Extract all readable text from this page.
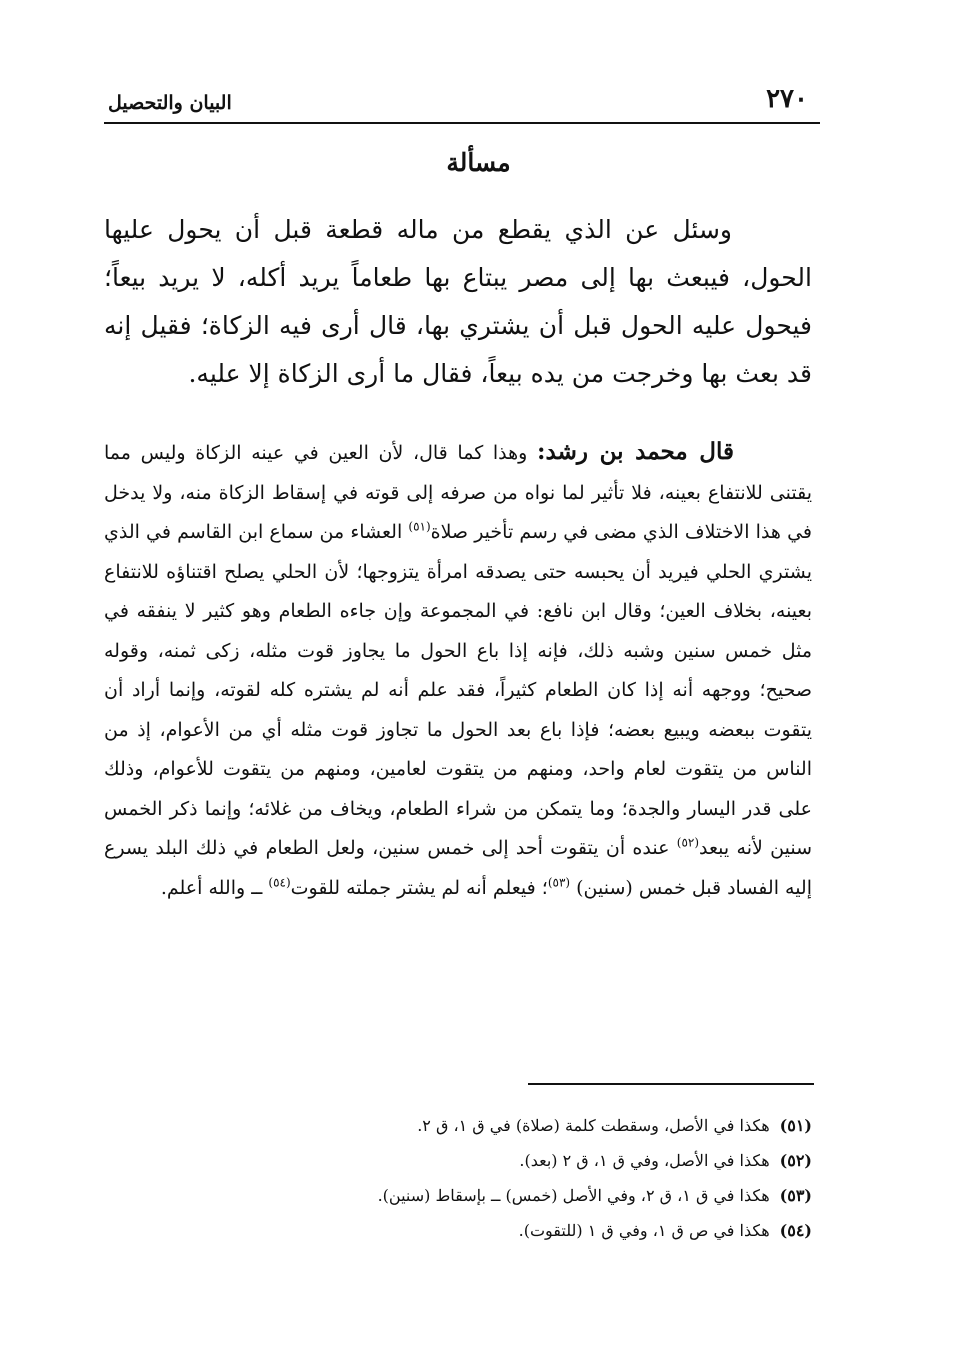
٢٧٠
البيان والتحصيل
مسألة

وسئل عن الذي يقطع من ماله قطعة قبل أن يحول عليها الحول، فيبعث بها إلى مصر يبتاع بها طعاماً يريد أكله، لا يريد بيعاً؛ فيحول عليه الحول قبل أن يشتري بها، قال أرى فيه الزكاة؛ فقيل إنه قد بعث بها وخرجت من يده بيعاً، فقال ما أرى الزكاة إلا عليه.

قال محمد بن رشد: وهذا كما قال، لأن العين في عينه الزكاة وليس مما يقتنى للانتفاع بعينه، فلا تأثير لما نواه من صرفه إلى قوته في إسقاط الزكاة منه، ولا يدخل في هذا الاختلاف الذي مضى في رسم تأخير صلاة$^{(٥١)}$ العشاء من سماع ابن القاسم في الذي يشتري الحلي فيريد أن يحبسه حتى يصدقه امرأة يتزوجها؛ لأن الحلي يصلح اقتناؤه للانتفاع بعينه، بخلاف العين؛ وقال ابن نافع: في المجموعة وإن جاءه الطعام وهو كثير لا ينفقه في مثل خمس سنين وشبه ذلك، فإنه إذا باع الحول ما يجاوز قوت مثله، زكى ثمنه، وقوله صحيح؛ ووجهه أنه إذا كان الطعام كثيراً، فقد علم أنه لم يشتره كله لقوته، وإنما أراد أن يتقوت ببعضه ويبيع بعضه؛ فإذا باع بعد الحول ما تجاوز قوت مثله أي من الأعوام، إذ من الناس من يتقوت لعام واحد، ومنهم من يتقوت لعامين، ومنهم من يتقوت للأعوام، وذلك على قدر اليسار والجدة؛ وما يتمكن من شراء الطعام، ويخاف من غلائه؛ وإنما ذكر الخمس سنين لأنه يبعد$^{(٥٢)}$ عنده أن يتقوت أحد إلى خمس سنين، ولعل الطعام في ذلك البلد يسرع إليه الفساد قبل خمس (سنين) $^{(٥٣)}$؛ فيعلم أنه لم يشتر جملته للقوت$^{(٥٤)}$ ــ والله أعلم.

(٥١)هكذا في الأصل، وسقطت كلمة (صلاة) في ق ١، ق ٢.
(٥٢)هكذا في الأصل، وفي ق ١، ق ٢ (بعد).
(٥٣)هكذا في ق ١، ق ٢، وفي الأصل (خمس) ــ بإسقاط (سنين).
(٥٤)هكذا في ص ق ١، وفي ق ١ (للتقوت).
